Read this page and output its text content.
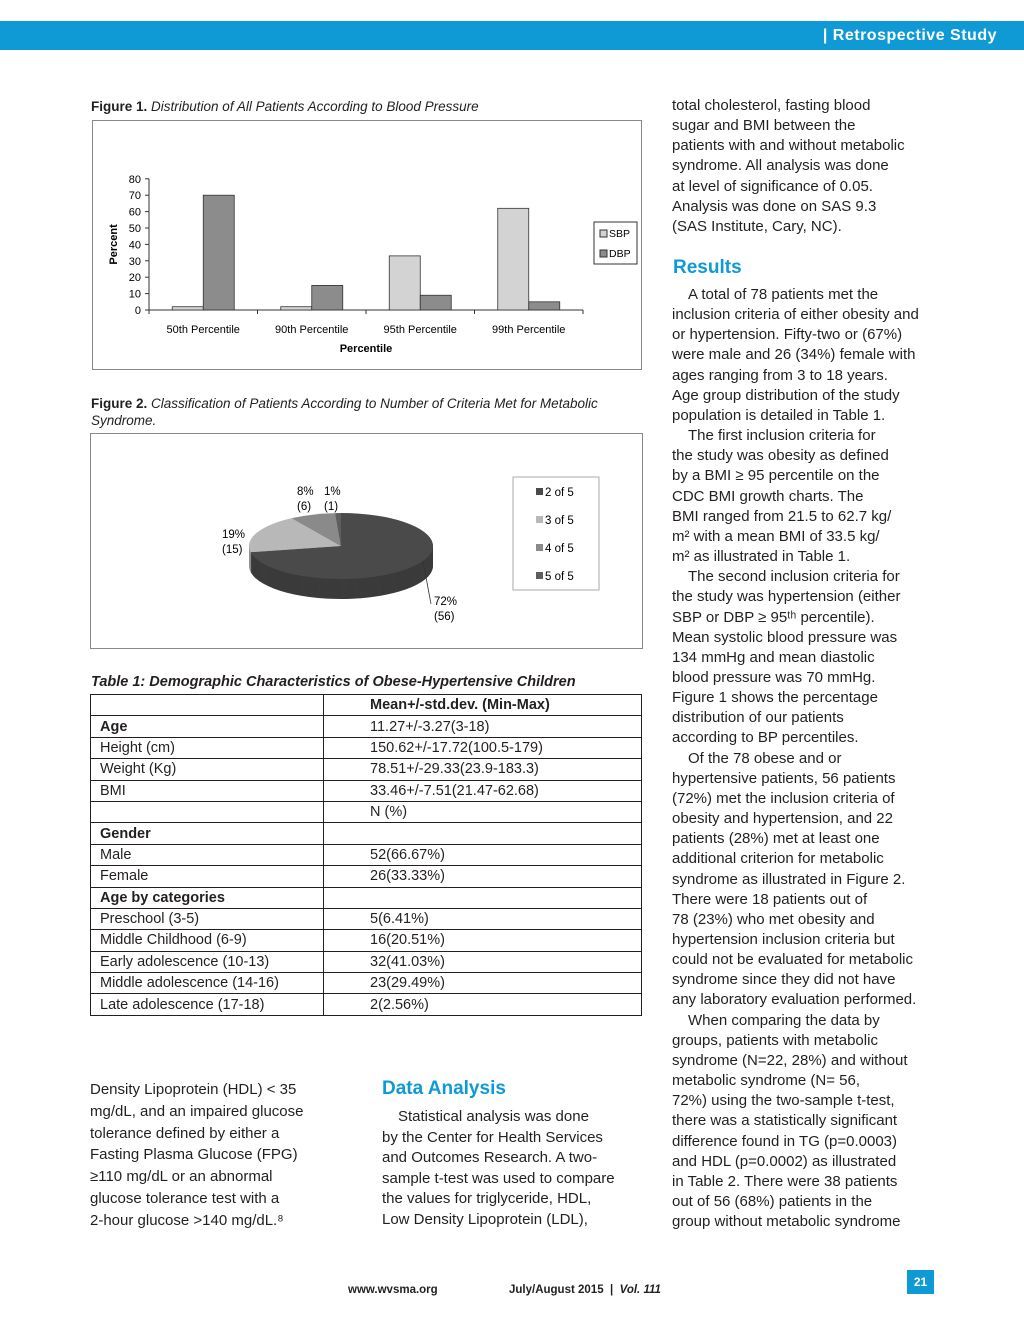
| Retrospective Study
Figure 1. Distribution of All Patients According to Blood Pressure
0
10
20
30
40
50
60
70
80
50th Percentile	90th Percentile	95th Percentile	99th Percentile
Percentile
Percent	SBP
DBP
Figure 2. Classification of Patients According to Number of Criteria Met for Metabolic Syndrome.
72%
(56)
19%
(15)
8%
(6)
1%
(1)
2 of 5
3 of 5
4 of 5
5 of 5
Table 1: Demographic Characteristics of Obese-Hypertensive Children
	Mean+/-std.dev. (Min-Max)
Age	11.27+/-3.27(3-18)
Height (cm)	150.62+/-17.72(100.5-179)
Weight (Kg)	78.51+/-29.33(23.9-183.3)
BMI	33.46+/-7.51(21.47-62.68)
	N (%)
Gender	
Male	52(66.67%)
Female	26(33.33%)
Age by categories	
Preschool (3-5)	5(6.41%)
Middle Childhood (6-9)	16(20.51%)
Early adolescence (10-13)	32(41.03%)
Middle adolescence (14-16)	23(29.49%)
Late adolescence (17-18)	2(2.56%)
Density Lipoprotein (HDL) < 35
mg/dL, and an impaired glucose
tolerance defined by either a
Fasting Plasma Glucose (FPG)
≥110 mg/dL or an abnormal
glucose tolerance test with a
2-hour glucose >140 mg/dL.⁸
Data Analysis
Statistical analysis was done
by the Center for Health Services
and Outcomes Research. A two-
sample t-test was used to compare
the values for triglyceride, HDL,
Low Density Lipoprotein (LDL),
total cholesterol, fasting blood
sugar and BMI between the
patients with and without metabolic
syndrome. All analysis was done
at level of significance of 0.05.
Analysis was done on SAS 9.3
(SAS Institute, Cary, NC).
Results
A total of 78 patients met the
inclusion criteria of either obesity and
or hypertension. Fifty-two or (67%)
were male and 26 (34%) female with
ages ranging from 3 to 18 years.
Age group distribution of the study
population is detailed in Table 1.
The first inclusion criteria for
the study was obesity as defined
by a BMI ≥ 95 percentile on the
CDC BMI growth charts. The
BMI ranged from 21.5 to 62.7 kg/
m² with a mean BMI of 33.5 kg/
m² as illustrated in Table 1.
The second inclusion criteria for
the study was hypertension (either
SBP or DBP ≥ 95ᵗʰ percentile).
Mean systolic blood pressure was
134 mmHg and mean diastolic
blood pressure was 70 mmHg.
Figure 1 shows the percentage
distribution of our patients
according to BP percentiles.
Of the 78 obese and or
hypertensive patients, 56 patients
(72%) met the inclusion criteria of
obesity and hypertension, and 22
patients (28%) met at least one
additional criterion for metabolic
syndrome as illustrated in Figure 2.
There were 18 patients out of
78 (23%) who met obesity and
hypertension inclusion criteria but
could not be evaluated for metabolic
syndrome since they did not have
any laboratory evaluation performed.
When comparing the data by
groups, patients with metabolic
syndrome (N=22, 28%) and without
metabolic syndrome (N= 56,
72%) using the two-sample t-test,
there was a statistically significant
difference found in TG (p=0.0003)
and HDL (p=0.0002) as illustrated
in Table 2. There were 38 patients
out of 56 (68%) patients in the
group without metabolic syndrome
www.wvsma.org	July/August 2015  |  Vol. 111
21
